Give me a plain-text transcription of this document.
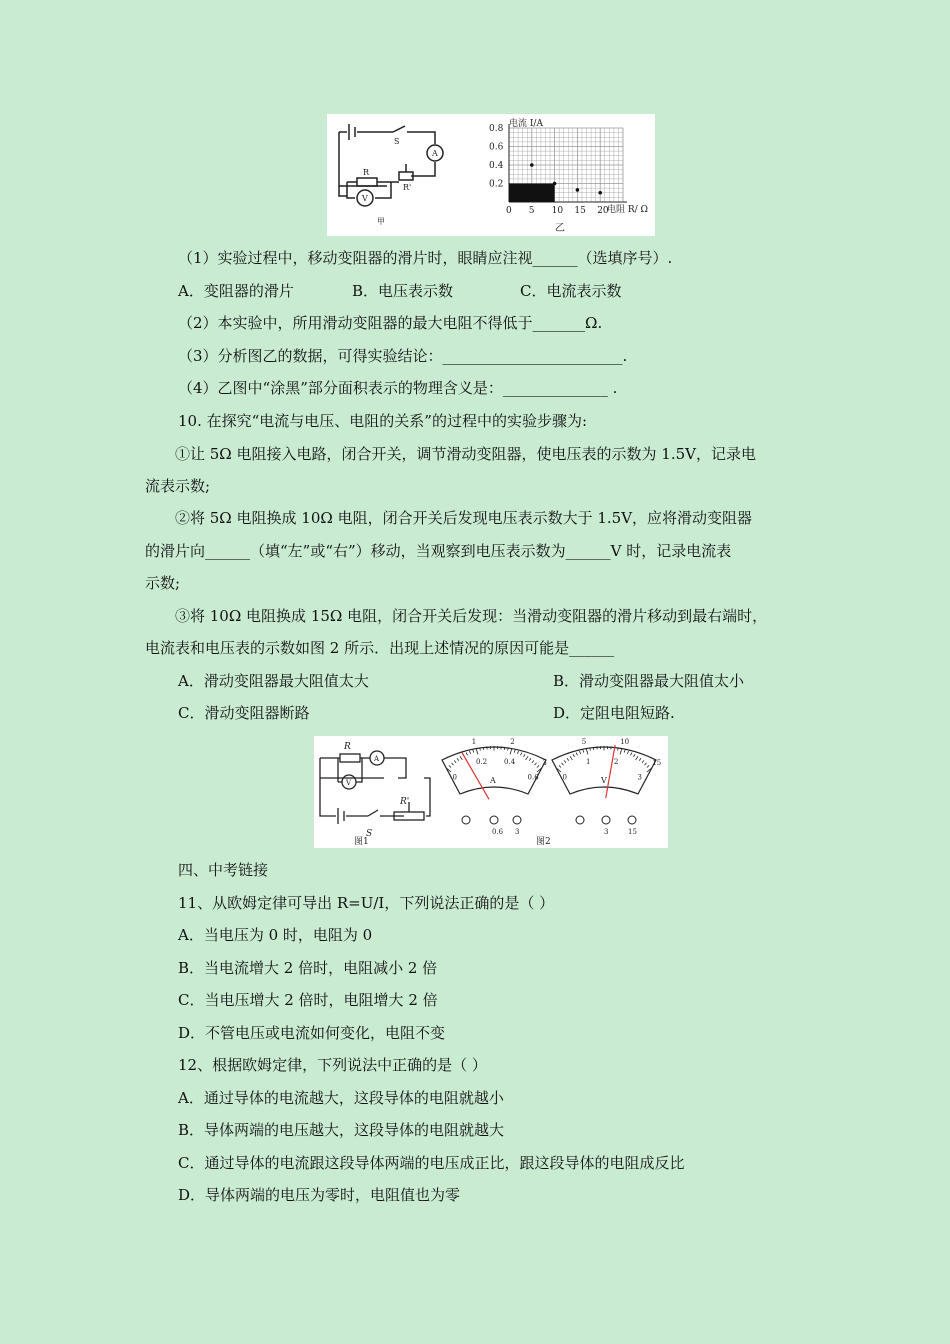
S
A
V
R
R'
甲
0 5 10 15 20
0.2
0.4
0.6
0.8 电流 I/A
电阻 R/ Ω
乙
（1）实验过程中，移动变阻器的滑片时，眼睛应注视______（选填序号）.
A．变阻器的滑片	B．电压表示数	C．电流表示数
（2）本实验中，所用滑动变阻器的最大电阻不得低于_______Ω.
（3）分析图乙的数据，可得实验结论：________________________.
（4）乙图中“涂黑”部分面积表示的物理含义是：______________ .
10. 在探究“电流与电压、电阻的关系”的过程中的实验步骤为:
①让 5Ω 电阻接入电路，闭合开关，调节滑动变阻器，使电压表的示数为 1.5V，记录电
流表示数;
②将 5Ω 电阻换成 10Ω 电阻，闭合开关后发现电压表示数大于 1.5V，应将滑动变阻器
的滑片向______（填“左”或“右”）移动，当观察到电压表示数为______V 时，记录电流表
示数;
③将 10Ω 电阻换成 15Ω 电阻，闭合开关后发现：当滑动变阻器的滑片移动到最右端时，
电流表和电压表的示数如图 2 所示．出现上述情况的原因可能是______
A．滑动变阻器最大阻值太大	B．滑动变阻器最大阻值太小
C．滑动变阻器断路	D．定阻电阻短路.
R
R'
S
A
V
图1	图2
0
0.2 0.4
0.6
1	2
3
A
0.6 3
0
1	2
3
5	10
15
V
3	15
四、中考链接
11、从欧姆定律可导出 R=U/I，下列说法正确的是（ ）
A．当电压为 0 时，电阻为 0
B．当电流增大 2 倍时，电阻减小 2 倍
C．当电压增大 2 倍时，电阻增大 2 倍
D．不管电压或电流如何变化，电阻不变
12、根据欧姆定律，下列说法中正确的是（ ）
A．通过导体的电流越大，这段导体的电阻就越小
B．导体两端的电压越大，这段导体的电阻就越大
C．通过导体的电流跟这段导体两端的电压成正比，跟这段导体的电阻成反比
D．导体两端的电压为零时，电阻值也为零
